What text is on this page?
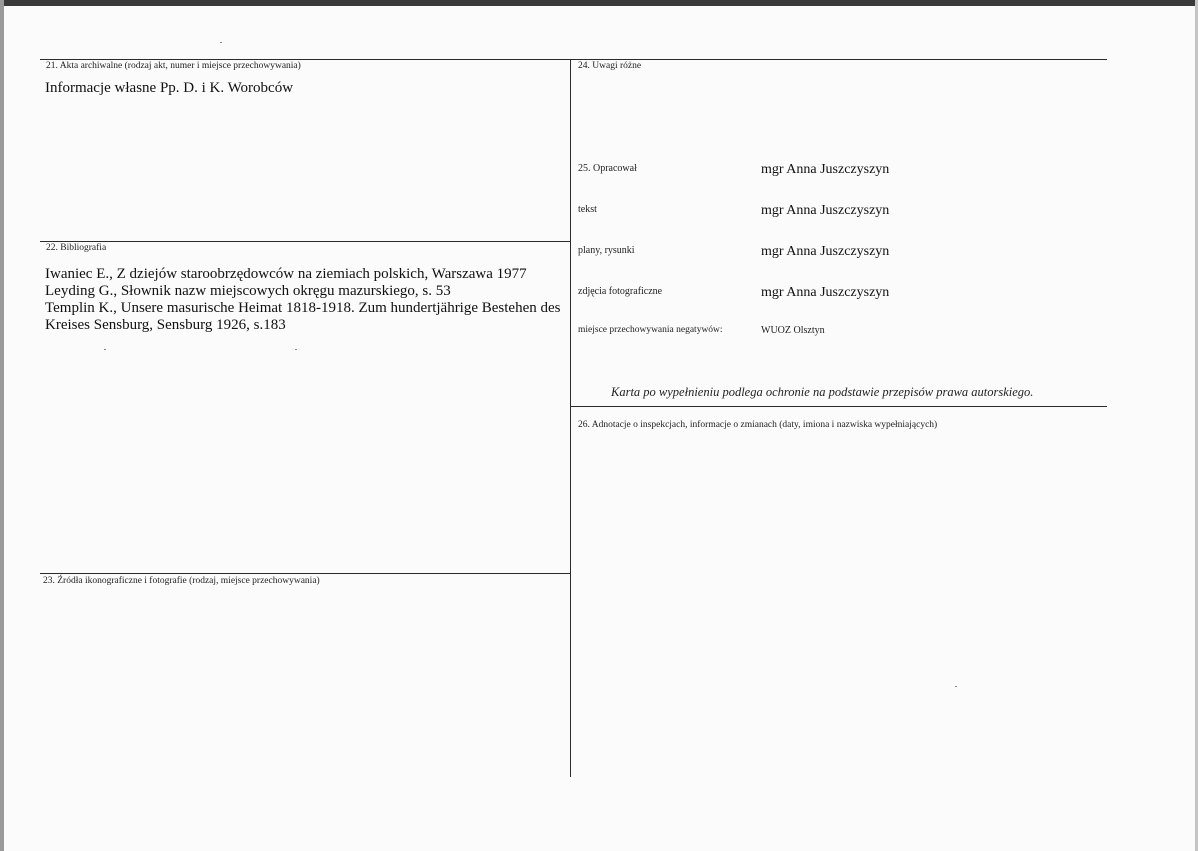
21. Akta archiwalne (rodzaj akt, numer i miejsce przechowywania)
Informacje własne Pp. D. i K. Worobców
22. Bibliografia
Iwaniec E., Z dziejów staroobrzędowców na ziemiach polskich, Warszawa 1977
Leyding G., Słownik nazw miejscowych okręgu mazurskiego, s. 53
Templin K., Unsere masurische Heimat 1818-1918. Zum hundertjährige Bestehen des
Kreises Sensburg, Sensburg 1926, s.183
23. Źródła ikonograficzne i fotografie (rodzaj, miejsce przechowywania)
24. Uwagi różne
25. Opracował	mgr Anna Juszczyszyn
tekst	mgr Anna Juszczyszyn
plany, rysunki	mgr Anna Juszczyszyn
zdjęcia fotograficzne	mgr Anna Juszczyszyn
miejsce przechowywania negatywów:	WUOZ Olsztyn
Karta po wypełnieniu podlega ochronie na podstawie przepisów prawa autorskiego.
26. Adnotacje o inspekcjach, informacje o zmianach (daty, imiona i nazwiska wypełniających)
